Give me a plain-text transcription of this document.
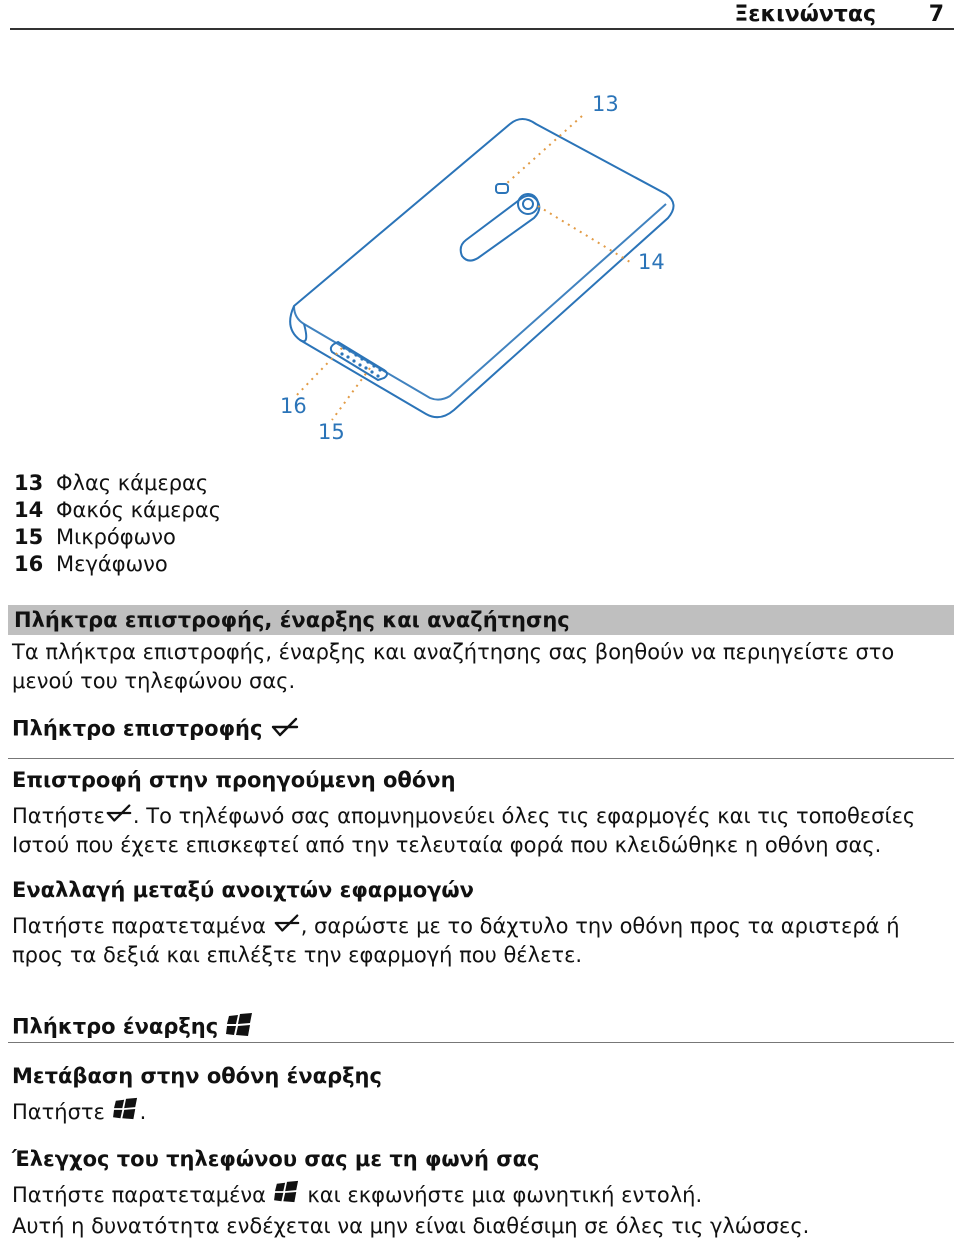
Ξεκινώντας 7
13
14
16
15
13 Φλας κάμερας
14 Φακός κάμερας
15 Μικρόφωνο
16 Μεγάφωνο
Πλήκτρα επιστροφής, έναρξης και αναζήτησης
Τα πλήκτρα επιστροφής, έναρξης και αναζήτησης σας βοηθούν να περιηγείστε στο
μενού του τηλεφώνου σας.
Πλήκτρο επιστροφής
Επιστροφή στην προηγούμενη οθόνη
Πατήστε . Το τηλέφωνό σας απομνημονεύει όλες τις εφαρμογές και τις τοποθεσίες
Ιστού που έχετε επισκεφτεί από την τελευταία φορά που κλειδώθηκε η οθόνη σας.
Εναλλαγή μεταξύ ανοιχτών εφαρμογών
Πατήστε παρατεταμένα , σαρώστε με το δάχτυλο την οθόνη προς τα αριστερά ή
προς τα δεξιά και επιλέξτε την εφαρμογή που θέλετε.
Πλήκτρο έναρξης
Μετάβαση στην οθόνη έναρξης
Πατήστε .
Έλεγχος του τηλεφώνου σας με τη φωνή σας
Πατήστε παρατεταμένα και εκφωνήστε μια φωνητική εντολή.
Αυτή η δυνατότητα ενδέχεται να μην είναι διαθέσιμη σε όλες τις γλώσσες.
